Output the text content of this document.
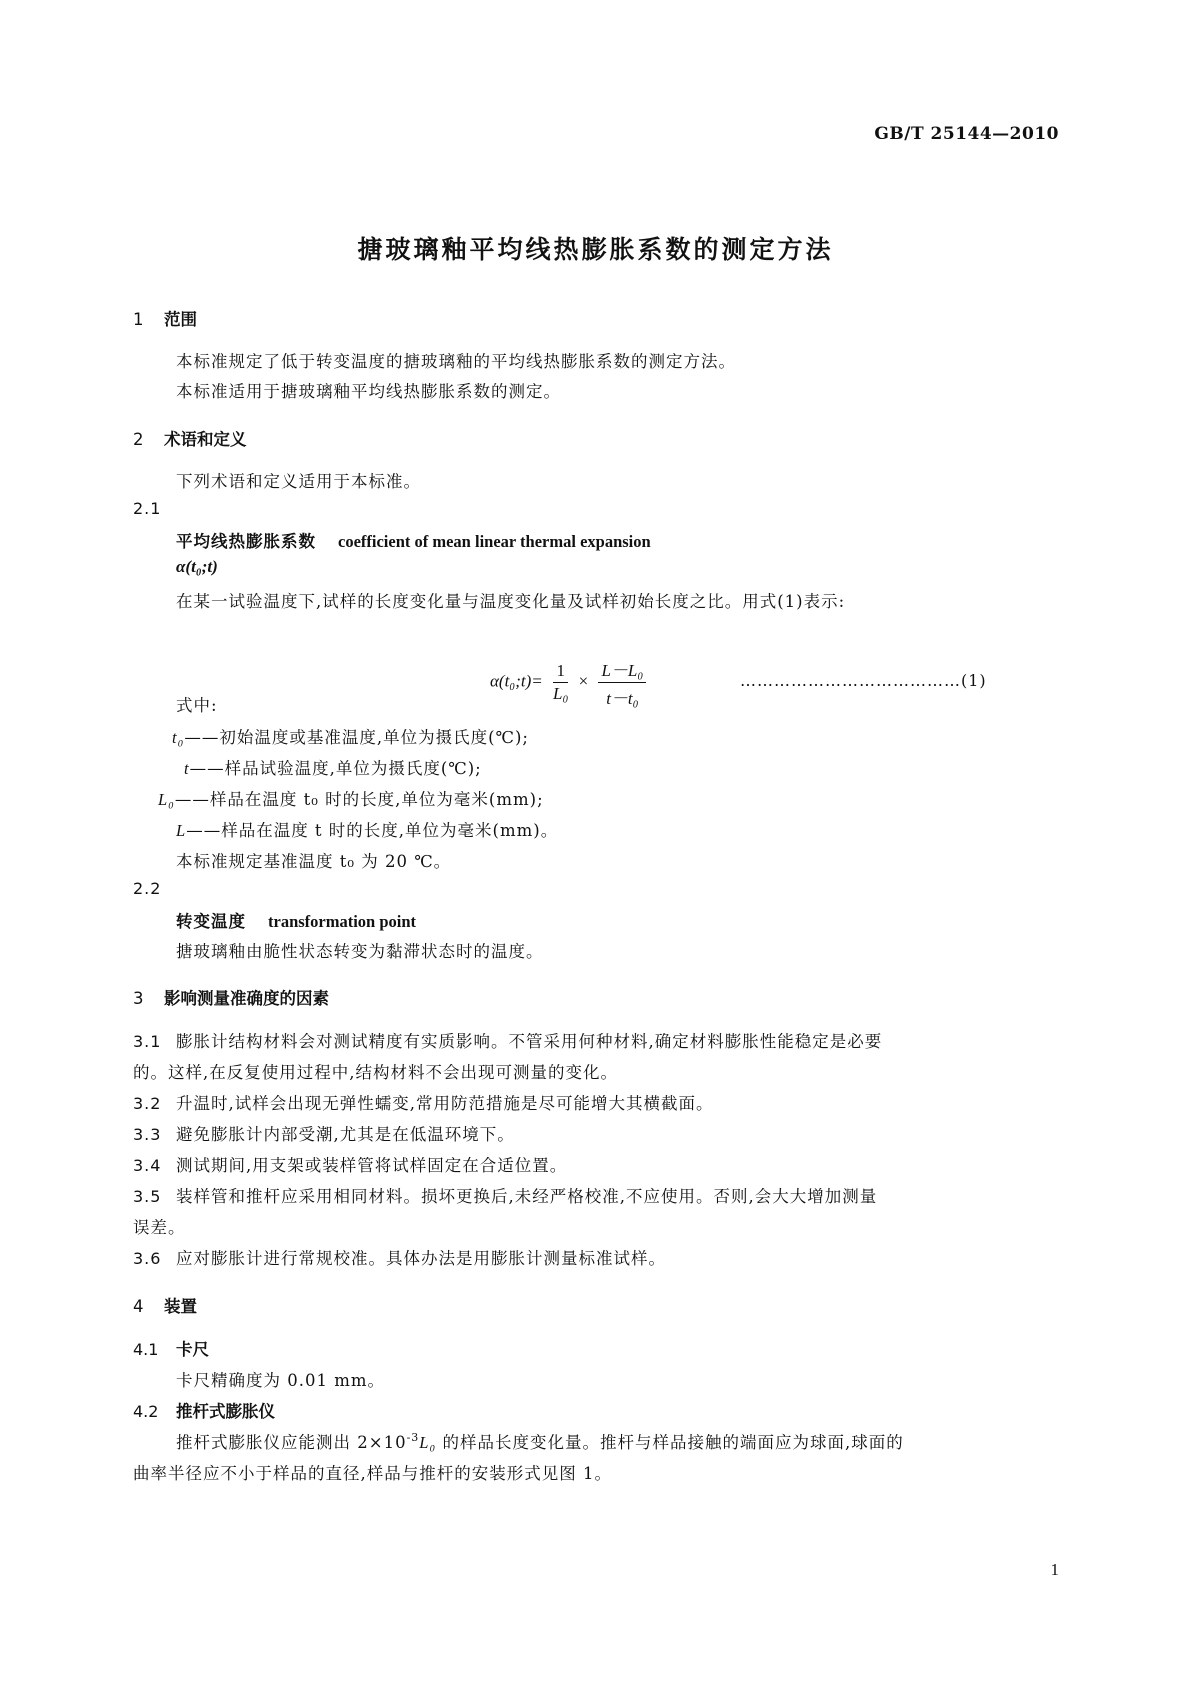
GB/T 25144—2010
搪玻璃釉平均线热膨胀系数的测定方法
1 范围
本标准规定了低于转变温度的搪玻璃釉的平均线热膨胀系数的测定方法。
本标准适用于搪玻璃釉平均线热膨胀系数的测定。
2 术语和定义
下列术语和定义适用于本标准。
2.1
平均线热膨胀系数 coefficient of mean linear thermal expansion
α(t₀;t)
在某一试验温度下,试样的长度变化量与温度变化量及试样初始长度之比。用式(1)表示:
α(t₀;t)= $\frac{1}{\text{L₀}} \times \frac{\text{L－L₀}}{\text{t－t₀}}$	…………………………………(1)
式中:
t₀——初始温度或基准温度,单位为摄氏度(℃);
t——样品试验温度,单位为摄氏度(℃);
L₀——样品在温度 t₀ 时的长度,单位为毫米(mm);
L——样品在温度 t 时的长度,单位为毫米(mm)。
本标准规定基准温度 t₀ 为 20 ℃。
2.2
转变温度 transformation point
搪玻璃釉由脆性状态转变为黏滞状态时的温度。
3 影响测量准确度的因素
3.1 膨胀计结构材料会对测试精度有实质影响。不管采用何种材料,确定材料膨胀性能稳定是必要
的。这样,在反复使用过程中,结构材料不会出现可测量的变化。
3.2 升温时,试样会出现无弹性蠕变,常用防范措施是尽可能增大其横截面。
3.3 避免膨胀计内部受潮,尤其是在低温环境下。
3.4 测试期间,用支架或装样管将试样固定在合适位置。
3.5 装样管和推杆应采用相同材料。损坏更换后,未经严格校准,不应使用。否则,会大大增加测量
误差。
3.6 应对膨胀计进行常规校准。具体办法是用膨胀计测量标准试样。
4 装置
4.1 卡尺
卡尺精确度为 0.01 mm。
4.2 推杆式膨胀仪
推杆式膨胀仪应能测出 $2\times 10^{-3}L_0$ 的样品长度变化量。推杆与样品接触的端面应为球面,球面的
曲率半径应不小于样品的直径,样品与推杆的安装形式见图 1。
1
